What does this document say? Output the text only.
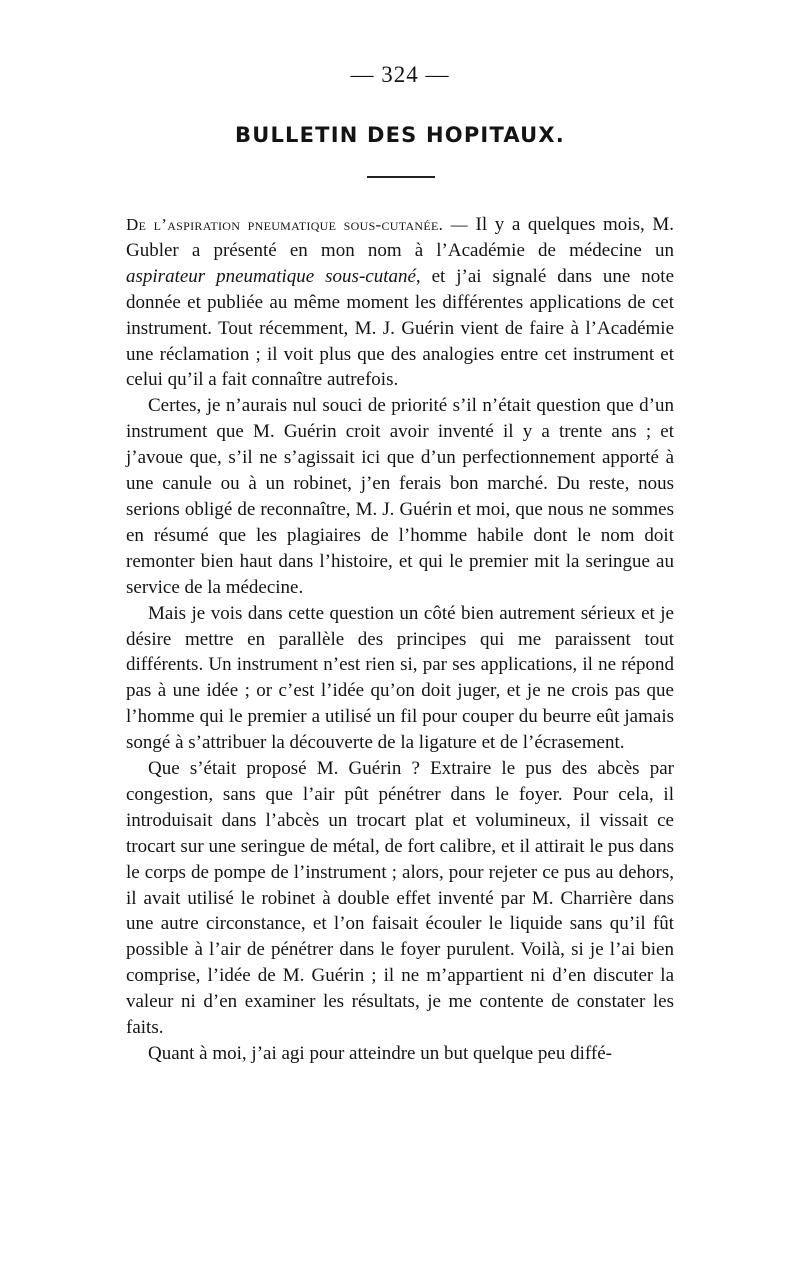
— 324 —
BULLETIN DES HOPITAUX.

De l’aspiration pneumatique sous-cutanée. — Il y a quelques mois, M. Gubler a présenté en mon nom à l’Académie de médecine un aspirateur pneumatique sous-cutané, et j’ai signalé dans une note donnée et publiée au même moment les différentes applications de cet instrument. Tout récemment, M. J. Guérin vient de faire à l’Académie une réclamation ; il voit plus que des analogies entre cet instrument et celui qu’il a fait connaître autrefois.

Certes, je n’aurais nul souci de priorité s’il n’était question que d’un instrument que M. Guérin croit avoir inventé il y a trente ans ; et j’avoue que, s’il ne s’agissait ici que d’un perfectionnement apporté à une canule ou à un robinet, j’en ferais bon marché. Du reste, nous serions obligé de reconnaître, M. J. Guérin et moi, que nous ne sommes en résumé que les plagiaires de l’homme habile dont le nom doit remonter bien haut dans l’histoire, et qui le premier mit la seringue au service de la médecine.

Mais je vois dans cette question un côté bien autrement sérieux et je désire mettre en parallèle des principes qui me paraissent tout différents. Un instrument n’est rien si, par ses applications, il ne répond pas à une idée ; or c’est l’idée qu’on doit juger, et je ne crois pas que l’homme qui le premier a utilisé un fil pour couper du beurre eût jamais songé à s’attribuer la découverte de la ligature et de l’écrasement.

Que s’était proposé M. Guérin ? Extraire le pus des abcès par congestion, sans que l’air pût pénétrer dans le foyer. Pour cela, il introduisait dans l’abcès un trocart plat et volumineux, il vissait ce trocart sur une seringue de métal, de fort calibre, et il attirait le pus dans le corps de pompe de l’instrument ; alors, pour rejeter ce pus au dehors, il avait utilisé le robinet à double effet inventé par M. Charrière dans une autre circonstance, et l’on faisait écouler le liquide sans qu’il fût possible à l’air de pénétrer dans le foyer purulent. Voilà, si je l’ai bien comprise, l’idée de M. Guérin ; il ne m’appartient ni d’en discuter la valeur ni d’en examiner les résultats, je me contente de constater les faits.

Quant à moi, j’ai agi pour atteindre un but quelque peu diffé-
